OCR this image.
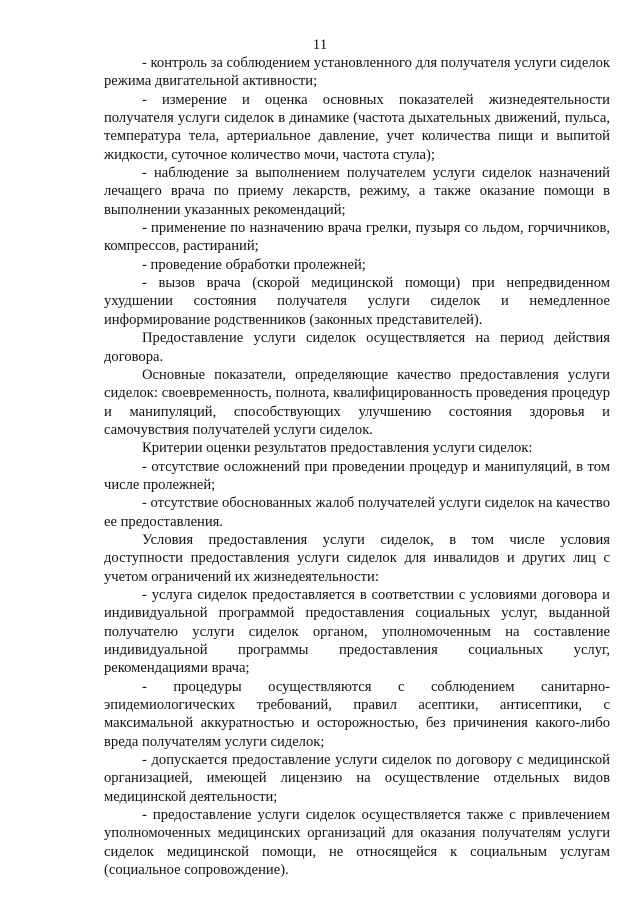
11

- контроль за соблюдением установленного для получателя услуги сиделок режима двигательной активности;

- измерение и оценка основных показателей жизнедеятельности получателя услуги сиделок в динамике (частота дыхательных движений, пульса, температура тела, артериальное давление, учет количества пищи и выпитой жидкости, суточное количество мочи, частота стула);

- наблюдение за выполнением получателем услуги сиделок назначений лечащего врача по приему лекарств, режиму, а также оказание помощи в выполнении указанных рекомендаций;

- применение по назначению врача грелки, пузыря со льдом, горчичников, компрессов, растираний;

- проведение обработки пролежней;

- вызов врача (скорой медицинской помощи) при непредвиденном ухудшении состояния получателя услуги сиделок и немедленное информирование родственников (законных представителей).

Предоставление услуги сиделок осуществляется на период действия договора.

Основные показатели, определяющие качество предоставления услуги сиделок: своевременность, полнота, квалифицированность проведения процедур и манипуляций, способствующих улучшению состояния здоровья и самочувствия получателей услуги сиделок.

Критерии оценки результатов предоставления услуги сиделок:

- отсутствие осложнений при проведении процедур и манипуляций, в том числе пролежней;

- отсутствие обоснованных жалоб получателей услуги сиделок на качество ее предоставления.

Условия предоставления услуги сиделок, в том числе условия доступности предоставления услуги сиделок для инвалидов и других лиц с учетом ограничений их жизнедеятельности:

- услуга сиделок предоставляется в соответствии с условиями договора и индивидуальной программой предоставления социальных услуг, выданной получателю услуги сиделок органом, уполномоченным на составление индивидуальной программы предоставления социальных услуг, рекомендациями врача;

- процедуры осуществляются с соблюдением санитарно-эпидемиологических требований, правил асептики, антисептики, с максимальной аккуратностью и осторожностью, без причинения какого-либо вреда получателям услуги сиделок;

- допускается предоставление услуги сиделок по договору с медицинской организацией, имеющей лицензию на осуществление отдельных видов медицинской деятельности;

- предоставление услуги сиделок осуществляется также с привлечением уполномоченных медицинских организаций для оказания получателям услуги сиделок медицинской помощи, не относящейся к социальным услугам (социальное сопровождение).
